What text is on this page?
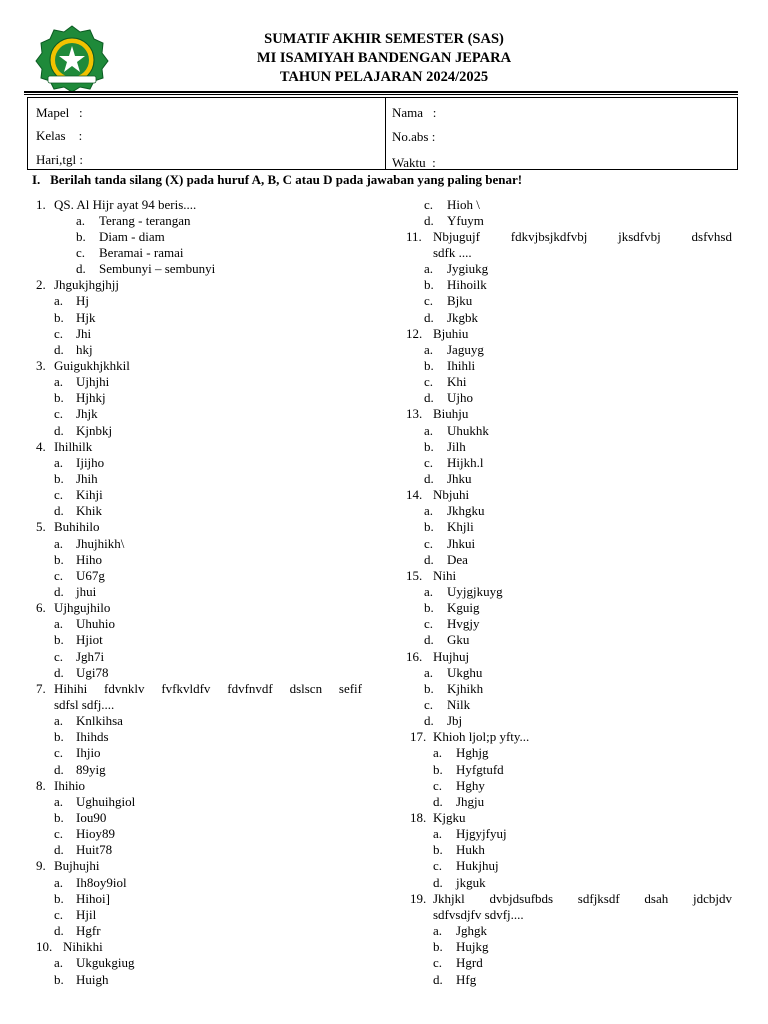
SUMATIF AKHIR SEMESTER (SAS)
MI ISAMIYAH BANDENGAN JEPARA
TAHUN PELAJARAN 2024/2025
Mapel   :
Kelas    :
Hari,tgl :
Nama   :
No.abs :
Waktu  :
I. Berilah tanda silang (X) pada huruf A, B, C atau D pada jawaban yang paling benar!
1. QS. Al Hijr ayat 94 beris....
a. Terang - terangan
b. Diam - diam
c. Beramai - ramai
d. Sembunyi – sembunyi
2. Jhgukjhgjhjj
a. Hj
b. Hjk
c. Jhi
d. hkj
3. Guigukhjkhkil
a. Ujhjhi
b. Hjhkj
c. Jhjk
d. Kjnbkj
4. Ihilhilk
a. Ijijho
b. Jhih
c. Kihji
d. Khik
5. Buhihilo
a. Jhujhikh\
b. Hiho
c. U67g
d. jhui
6. Ujhgujhilo
a. Uhuhio
b. Hjiot
c. Jgh7i
d. Ugi78
7. Hihihi fdvnklv fvfkvldfv fdvfnvdf dslscn sefif
sdfsl sdfj....
a. Knlkihsa
b. Ihihds
c. Ihjio
d. 89yig
8. Ihihio
a. Ughuihgiol
b. Iou90
c. Hioy89
d. Huit78
9. Bujhujhi
a. Ih8oy9iol
b. Hihoi]
c. Hjil
d. Hgfr
10. Nihikhi
a. Ukgukgiug
b. Huigh
c. Hioh \
d. Yfuym
11. Nbjugujf fdkvjbsjkdfvbj jksdfvbj dsfvhsd
sdfk ....
a. Jygiukg
b. Hihoilk
c. Bjku
d. Jkgbk
12. Bjuhiu
a. Jaguyg
b. Ihihli
c. Khi
d. Ujho
13. Biuhju
a. Uhukhk
b. Jilh
c. Hijkh.l
d. Jhku
14. Nbjuhi
a. Jkhgku
b. Khjli
c. Jhkui
d. Dea
15. Nihi
a. Uyjgjkuyg
b. Kguig
c. Hvgjy
d. Gku
16. Hujhuj
a. Ukghu
b. Kjhikh
c. Nilk
d. Jbj
17. Khioh ljol;p yfty...
a. Hghjg
b. Hyfgtufd
c. Hghy
d. Jhgju
18. Kjgku
a. Hjgyjfyuj
b. Hukh
c. Hukjhuj
d. jkguk
19. Jkhjkl dvbjdsufbds sdfjksdf dsah jdcbjdv
sdfvsdjfv sdvfj....
a. Jghgk
b. Hujkg
c. Hgrd
d. Hfg
